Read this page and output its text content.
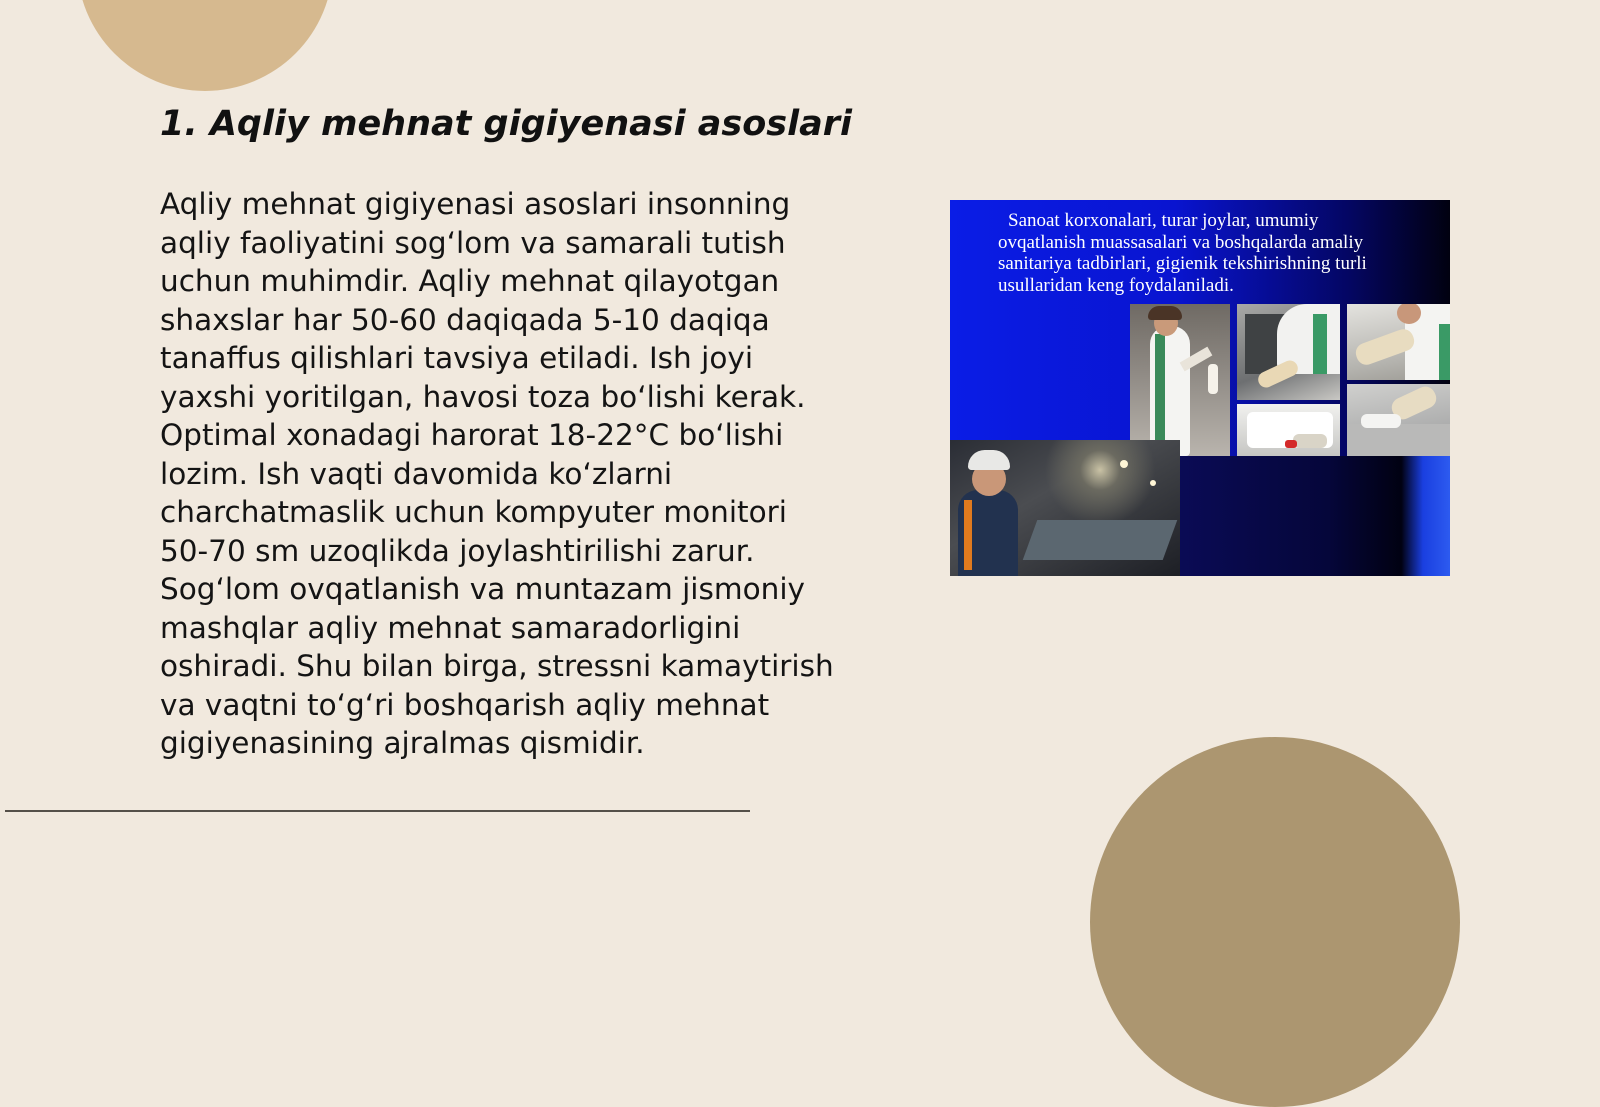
1. Aqliy mehnat gigiyenasi asoslari

Aqliy mehnat gigiyenasi asoslari insonning aqliy faoliyatini sog‘lom va samarali tutish uchun muhimdir. Aqliy mehnat qilayotgan shaxslar har 50-60 daqiqada 5-10 daqiqa tanaffus qilishlari tavsiya etiladi. Ish joyi yaxshi yoritilgan, havosi toza bo‘lishi kerak. Optimal xonadagi harorat 18-22°C bo‘lishi lozim. Ish vaqti davomida ko‘zlarni charchatmaslik uchun kompyuter monitori 50-70 sm uzoqlikda joylashtirilishi zarur. Sog‘lom ovqatlanish va muntazam jismoniy mashqlar aqliy mehnat samaradorligini oshiradi. Shu bilan birga, stressni kamaytirish va vaqtni to‘g‘ri boshqarish aqliy mehnat gigiyenasining ajralmas qismidir.

Sanoat korxonalari, turar joylar, umumiy ovqatlanish muassasalari va boshqalarda amaliy sanitariya tadbirlari, gigienik tekshirishning turli usullaridan keng foydalaniladi.
